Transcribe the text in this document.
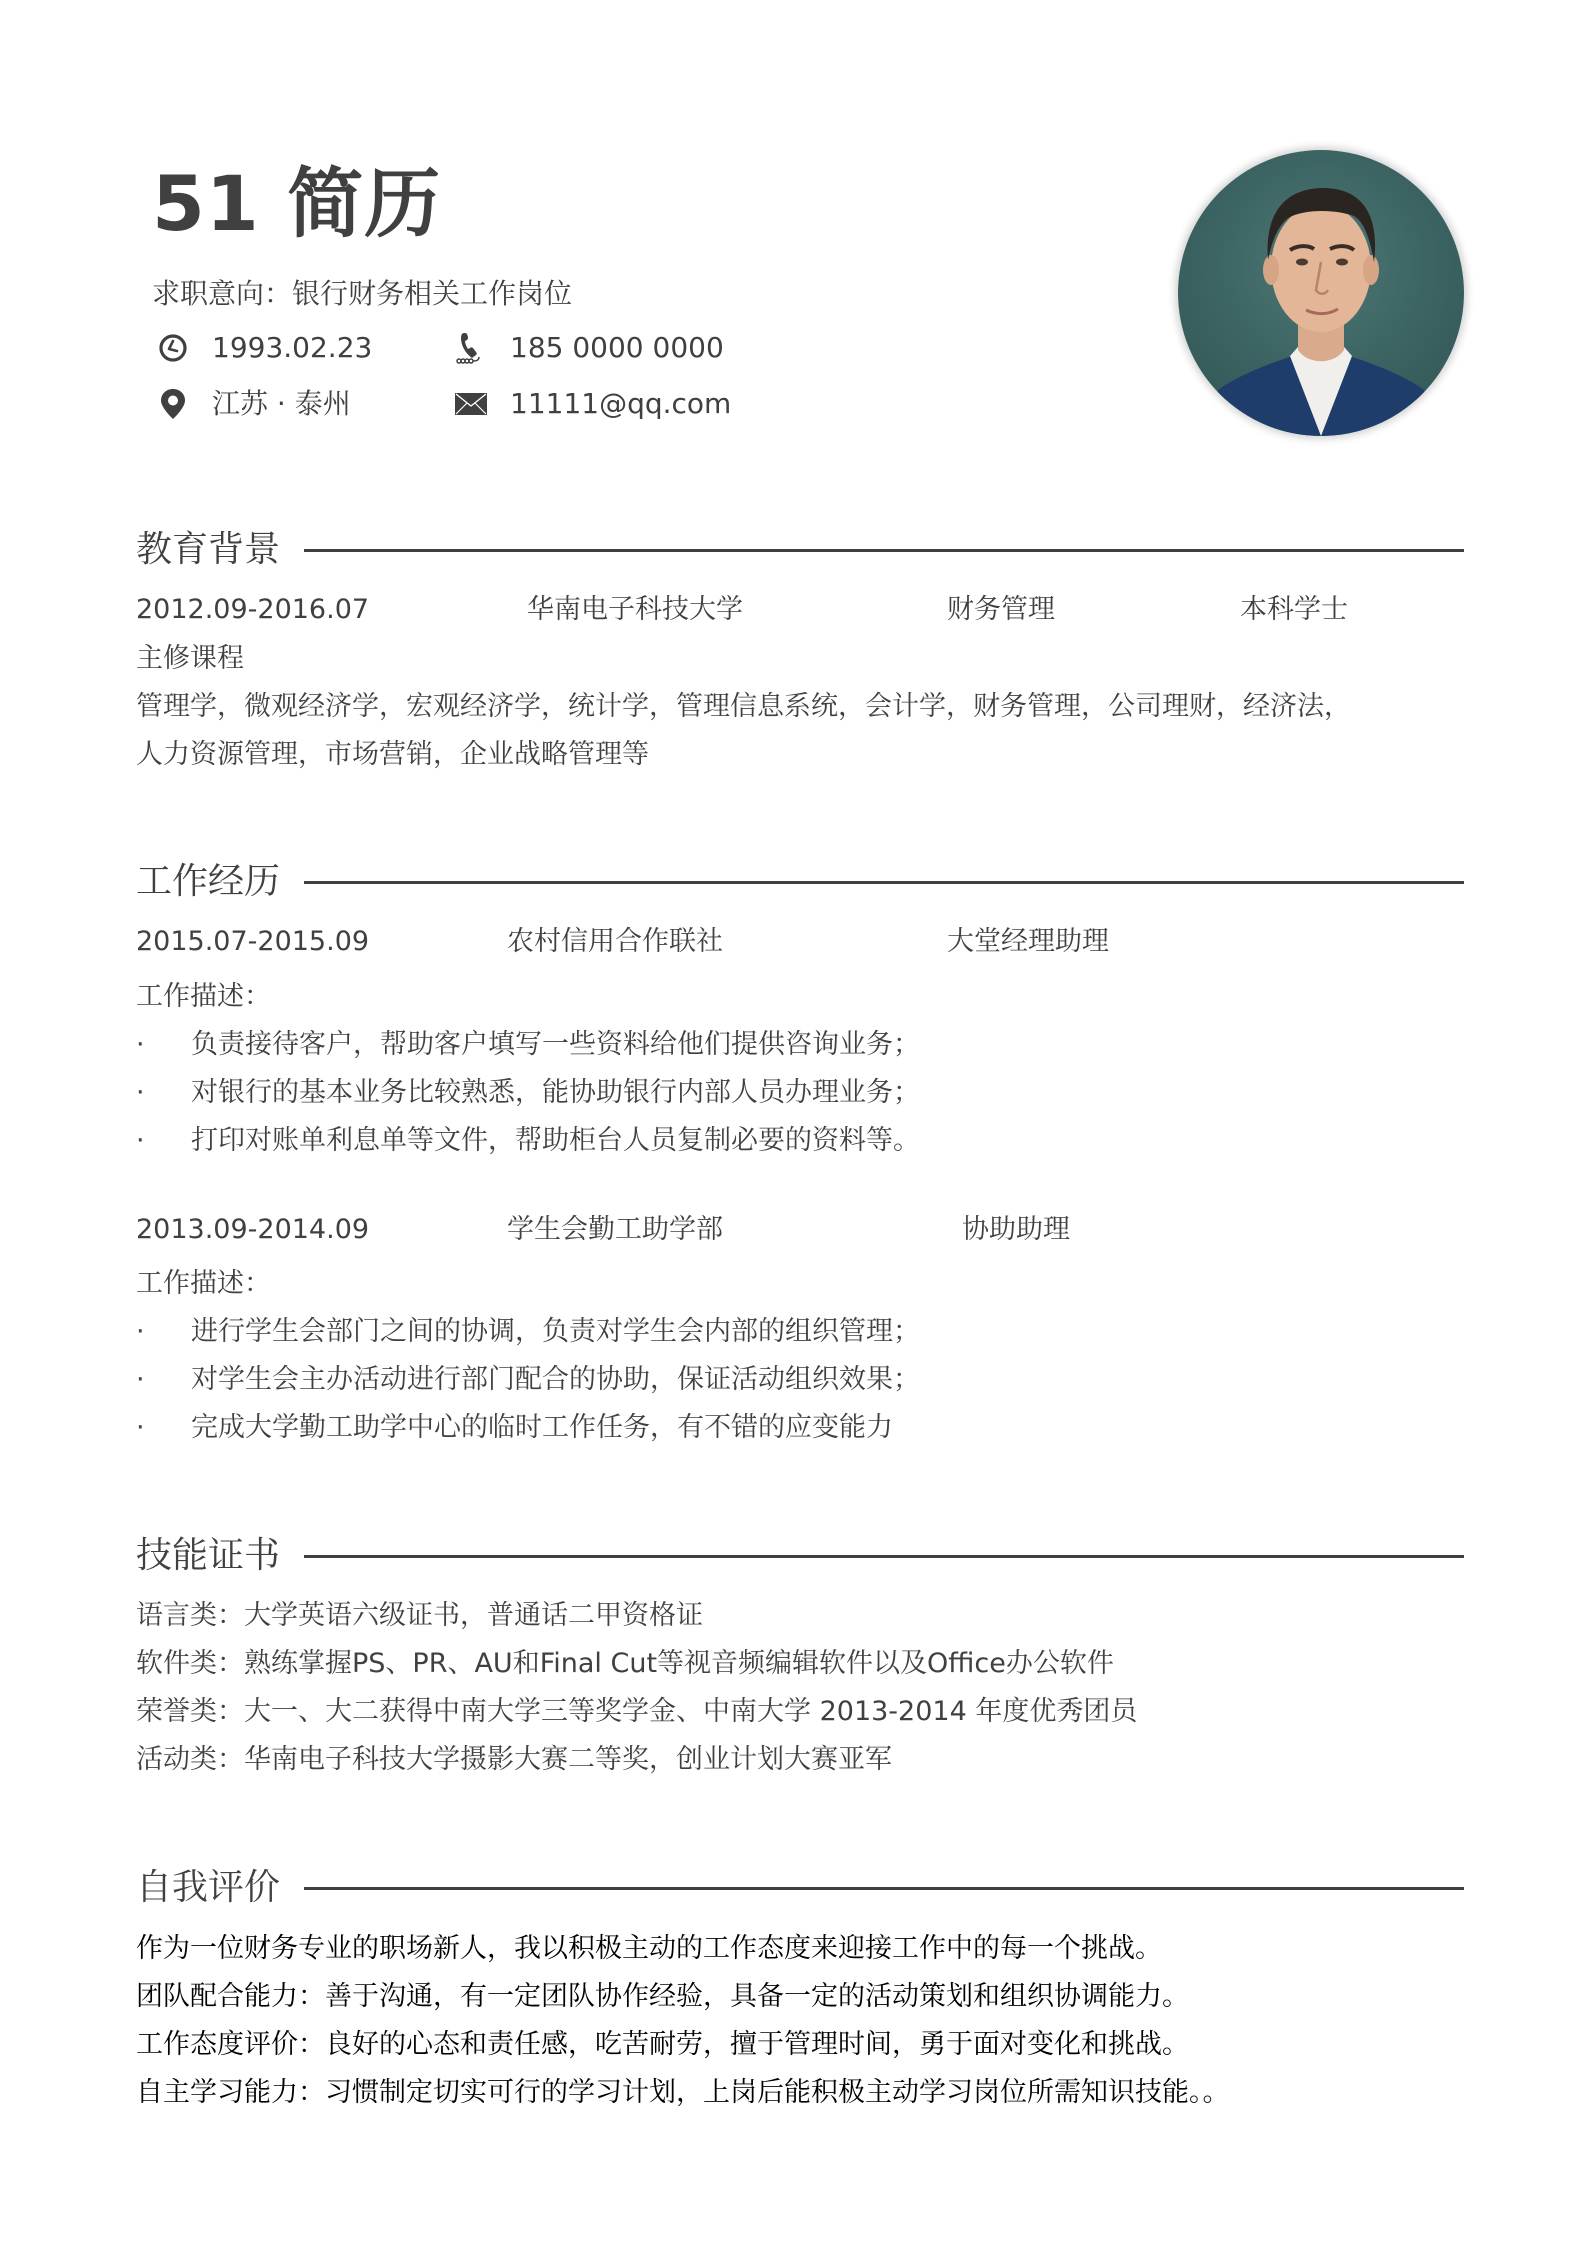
51 简历
求职意向：银行财务相关工作岗位
1993.02.23	185 0000 0000
江苏 · 泰州	11111@qq.com
教育背景
2012.09-2016.07	华南电子科技大学	财务管理	本科学士
主修课程
管理学，微观经济学，宏观经济学，统计学，管理信息系统，会计学，财务管理，公司理财，经济法，
人力资源管理，市场营销，企业战略管理等
工作经历
2015.07-2015.09	农村信用合作联社	大堂经理助理
工作描述：
·	负责接待客户，帮助客户填写一些资料给他们提供咨询业务；
·	对银行的基本业务比较熟悉，能协助银行内部人员办理业务；
·	打印对账单利息单等文件，帮助柜台人员复制必要的资料等。
2013.09-2014.09	学生会勤工助学部	协助助理
工作描述：
·	进行学生会部门之间的协调，负责对学生会内部的组织管理；
·	对学生会主办活动进行部门配合的协助，保证活动组织效果；
·	完成大学勤工助学中心的临时工作任务，有不错的应变能力
技能证书
语言类：大学英语六级证书，普通话二甲资格证
软件类：熟练掌握PS、PR、AU和Final Cut等视音频编辑软件以及Office办公软件
荣誉类：大一、大二获得中南大学三等奖学金、中南大学 2013-2014 年度优秀团员
活动类：华南电子科技大学摄影大赛二等奖，创业计划大赛亚军
自我评价
作为一位财务专业的职场新人，我以积极主动的工作态度来迎接工作中的每一个挑战。
团队配合能力：善于沟通，有一定团队协作经验，具备一定的活动策划和组织协调能力。
工作态度评价：良好的心态和责任感，吃苦耐劳，擅于管理时间，勇于面对变化和挑战。
自主学习能力：习惯制定切实可行的学习计划，上岗后能积极主动学习岗位所需知识技能。。
